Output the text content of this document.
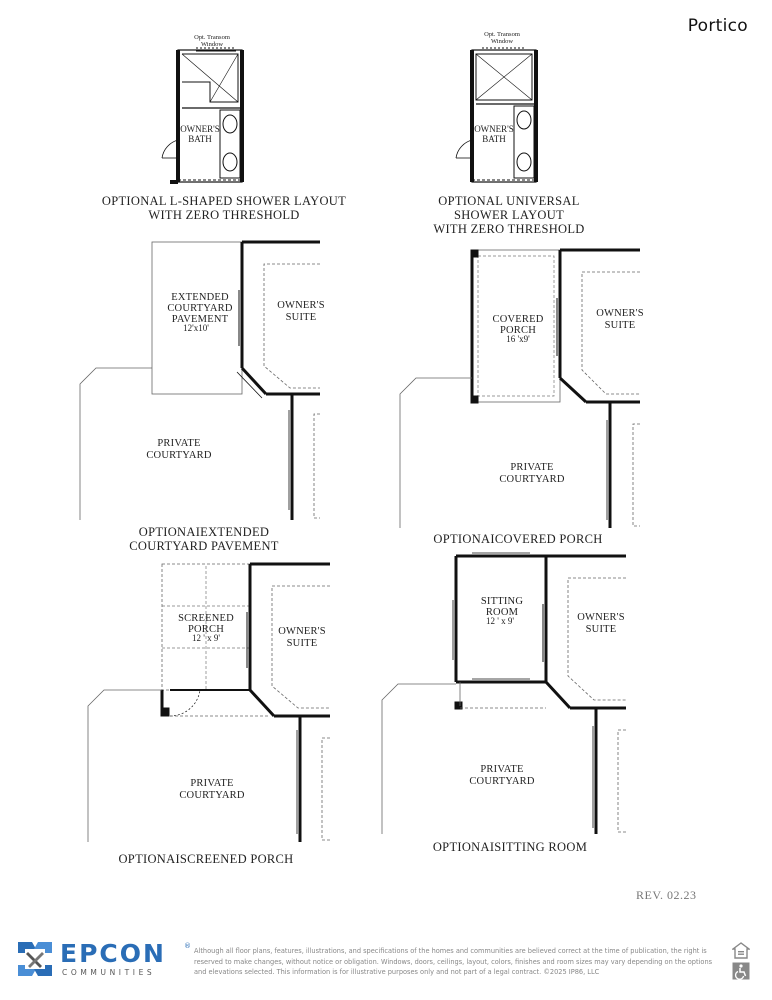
Portico
Opt. Transom
Window
OWNER'S
BATH
Opt. Transom
Window
OWNER'S
BATH
EXTENDED
COURTYARD
PAVEMENT
12'x10'
OWNER'S
SUITE
PRIVATE
COURTYARD
COVERED
PORCH
16 'x9'
OWNER'S
SUITE
PRIVATE
COURTYARD
SCREENED
PORCH
12 ' x 9'
OWNER'S
SUITE
PRIVATE
COURTYARD
SITTING
ROOM
12 ' x 9'	OWNER'S
SUITE
PRIVATE
COURTYARD
OPTIONAL L-SHAPED SHOWER LAYOUT
WITH ZERO THRESHOLD
OPTIONAL UNIVERSAL
SHOWER LAYOUT
WITH ZERO THRESHOLD
OPTIONAIEXTENDED
COURTYARD PAVEMENT	OPTIONAICOVERED PORCH
OPTIONAISCREENED PORCH
OPTIONAISITTING ROOM
REV. 02.23
EPCON	®
COMMUNITIES
Although all floor plans, features, illustrations, and specifications of the homes and communities are believed correct at the time of publication, the right is reserved to make changes, without notice or obligation. Windows, doors, ceilings, layout, colors, finishes and room sizes may vary depending on the options and elevations selected. This information is for illustrative purposes only and not part of a legal contract. ©2025 IP86, LLC
